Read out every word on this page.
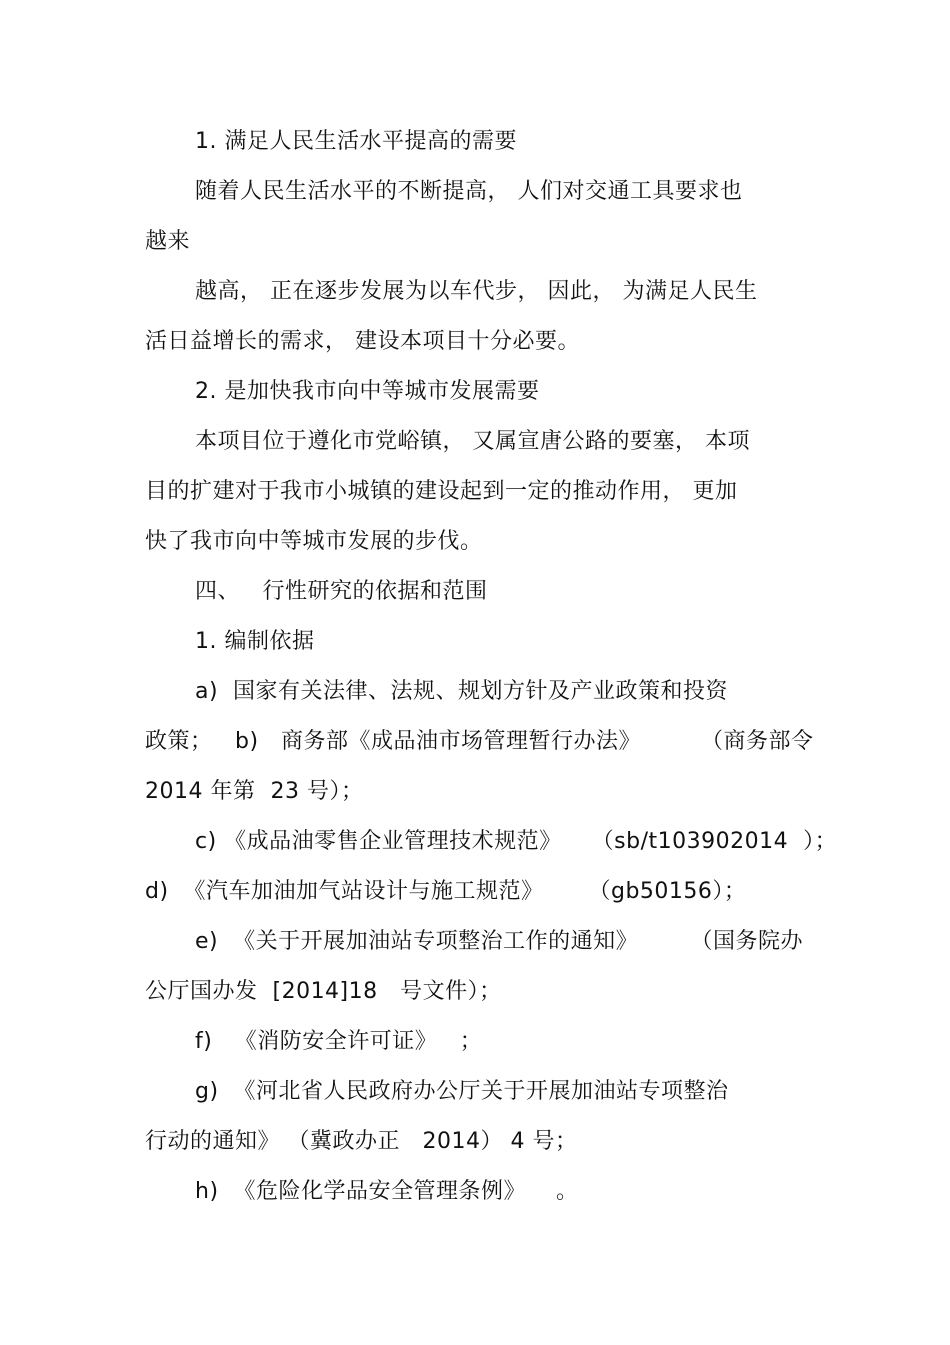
1. 满足人民生活水平提高的需要
随着人民生活水平的不断提高， 人们对交通工具要求也
越来
越高， 正在逐步发展为以车代步， 因此， 为满足人民生
活日益增长的需求， 建设本项目十分必要。
2. 是加快我市向中等城市发展需要
本项目位于遵化市党峪镇， 又属宣唐公路的要塞， 本项
目的扩建对于我市小城镇的建设起到一定的推动作用， 更加
快了我市向中等城市发展的步伐。
四、   行性研究的依据和范围
1. 编制依据
a)  国家有关法律、法规、规划方针及产业政策和投资
政策；   b)   商务部《成品油市场管理暂行办法》        （商务部令
2014 年第  23 号）；
c) 《成品油零售企业管理技术规范》    （sb/t103902014  ）；
d)  《汽车加油加气站设计与施工规范》      （gb50156）；
e)  《关于开展加油站专项整治工作的通知》       （国务院办
公厅国办发  [2014]18   号文件）；
f)   《消防安全许可证》   ；
g)  《河北省人民政府办公厅关于开展加油站专项整治
行动的通知》 （冀政办正   2014） 4 号；
h)  《危险化学品安全管理条例》    。
